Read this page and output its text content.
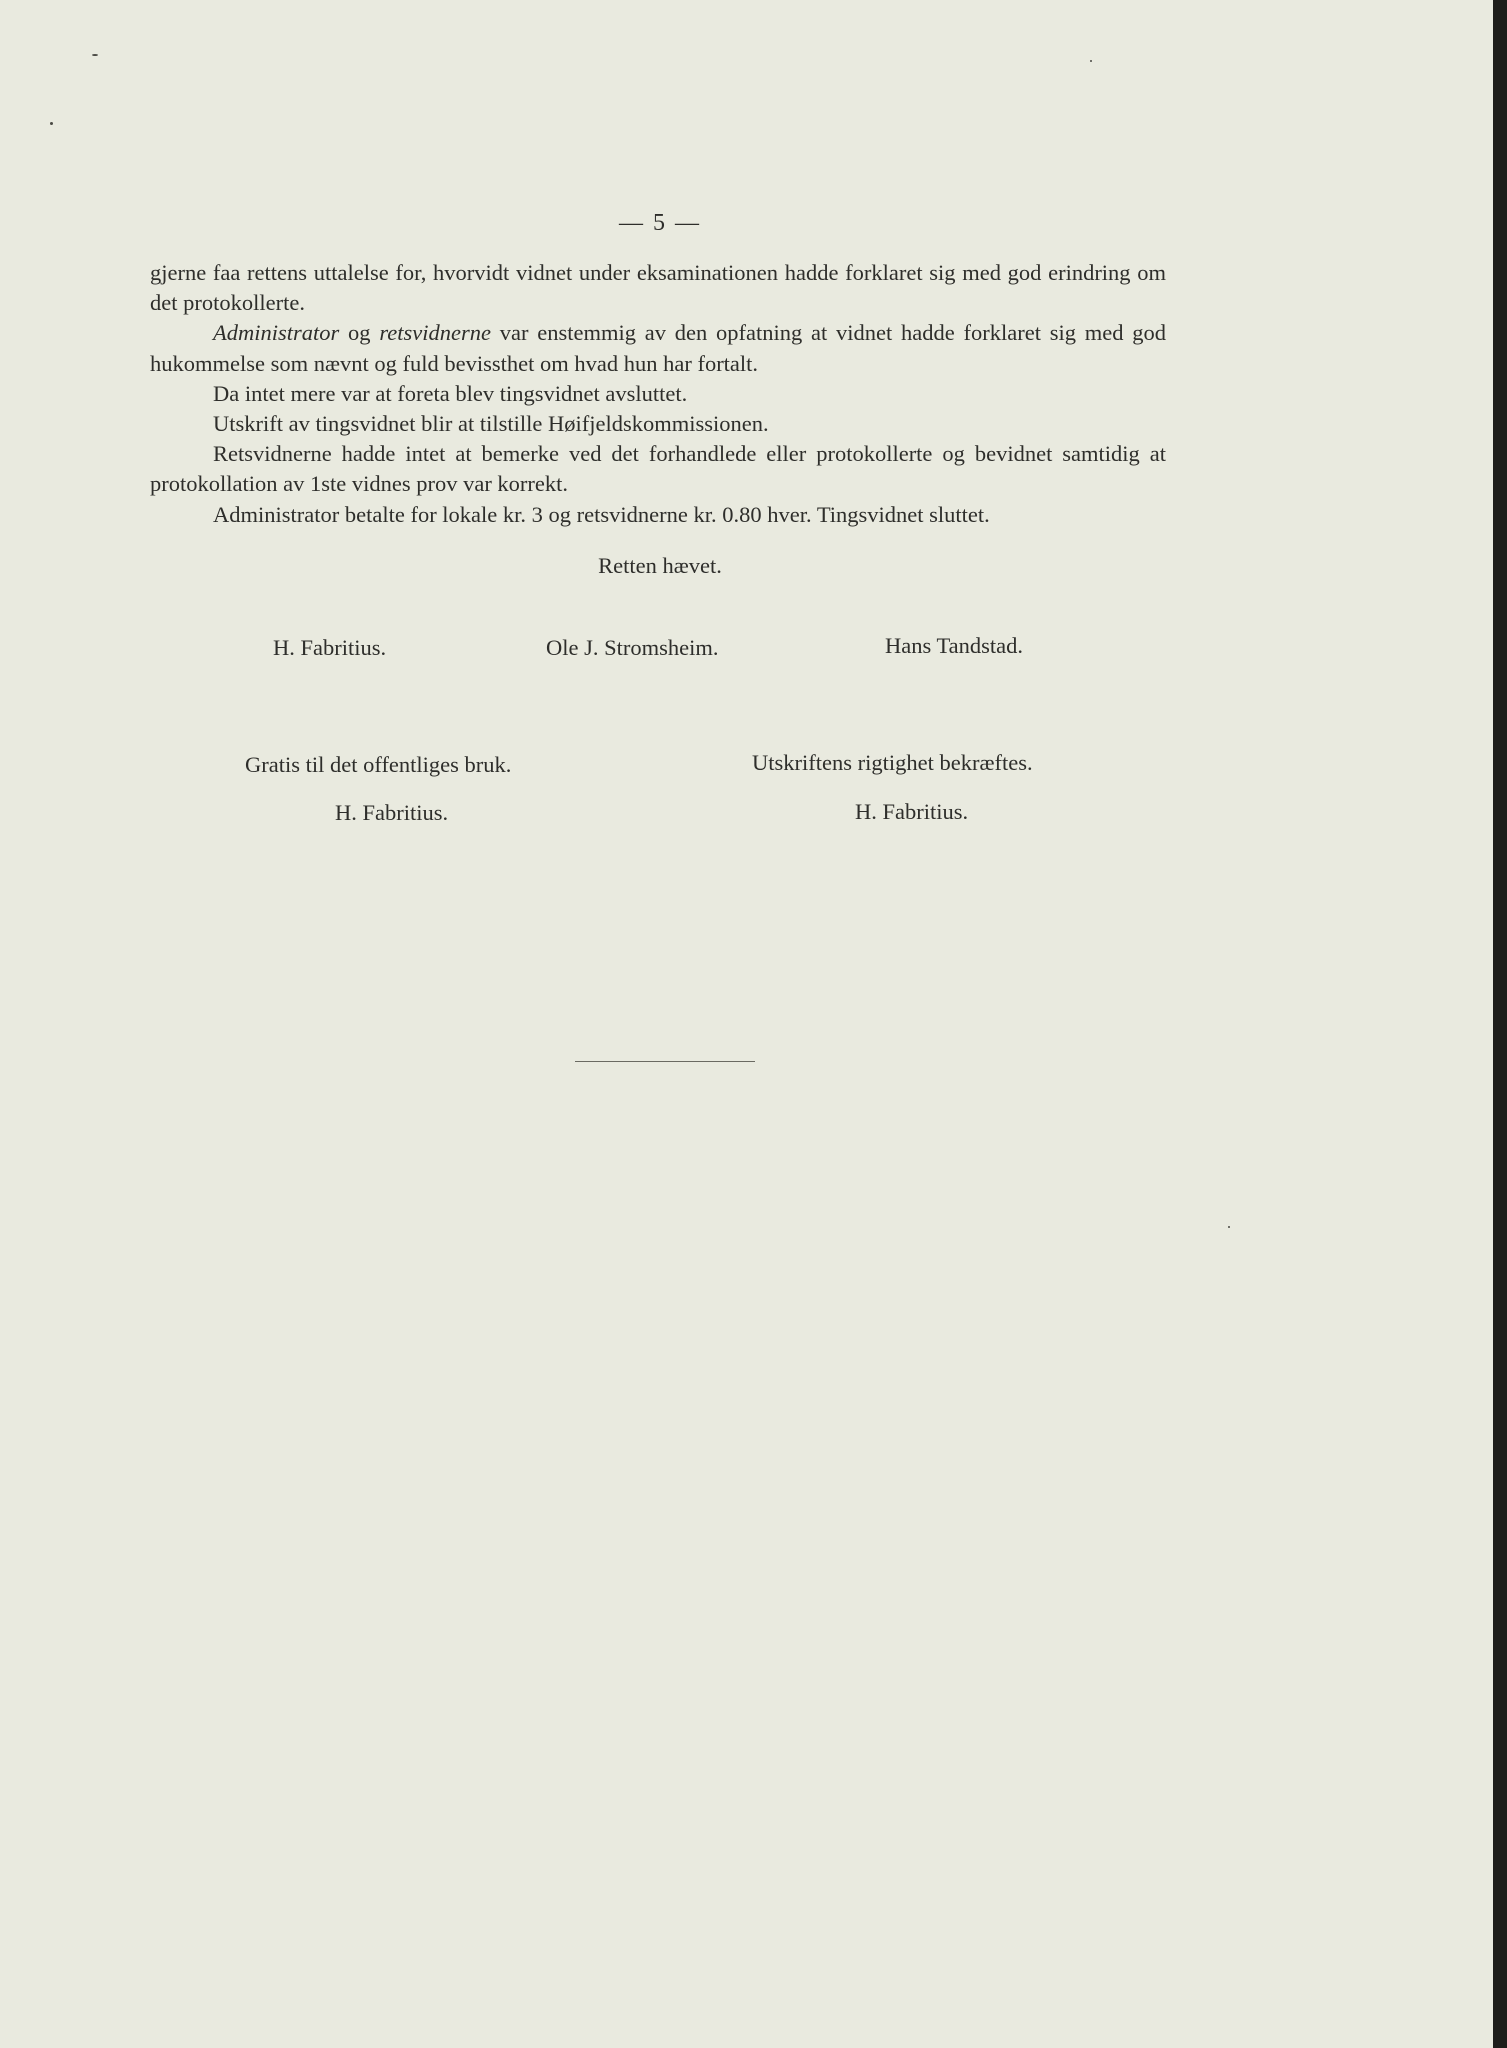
— 5 —

gjerne faa rettens uttalelse for, hvorvidt vidnet under eksaminationen hadde forklaret sig med god erindring om det protokollerte.

Administrator og retsvidnerne var enstemmig av den opfatning at vidnet hadde forklaret sig med god hukommelse som nævnt og fuld bevissthet om hvad hun har fortalt.

Da intet mere var at foreta blev tingsvidnet avsluttet.

Utskrift av tingsvidnet blir at tilstille Høifjeldskommissionen.

Retsvidnerne hadde intet at bemerke ved det forhandlede eller protokollerte og bevidnet samtidig at protokollation av 1ste vidnes prov var korrekt.

Administrator betalte for lokale kr. 3 og retsvidnerne kr. 0.80 hver. Tingsvidnet sluttet.

Retten hævet.
H. Fabritius.	Ole J. Stromsheim.	Hans Tandstad.
Gratis til det offentliges bruk.
H. Fabritius.
Utskriftens rigtighet bekræftes.
H. Fabritius.
